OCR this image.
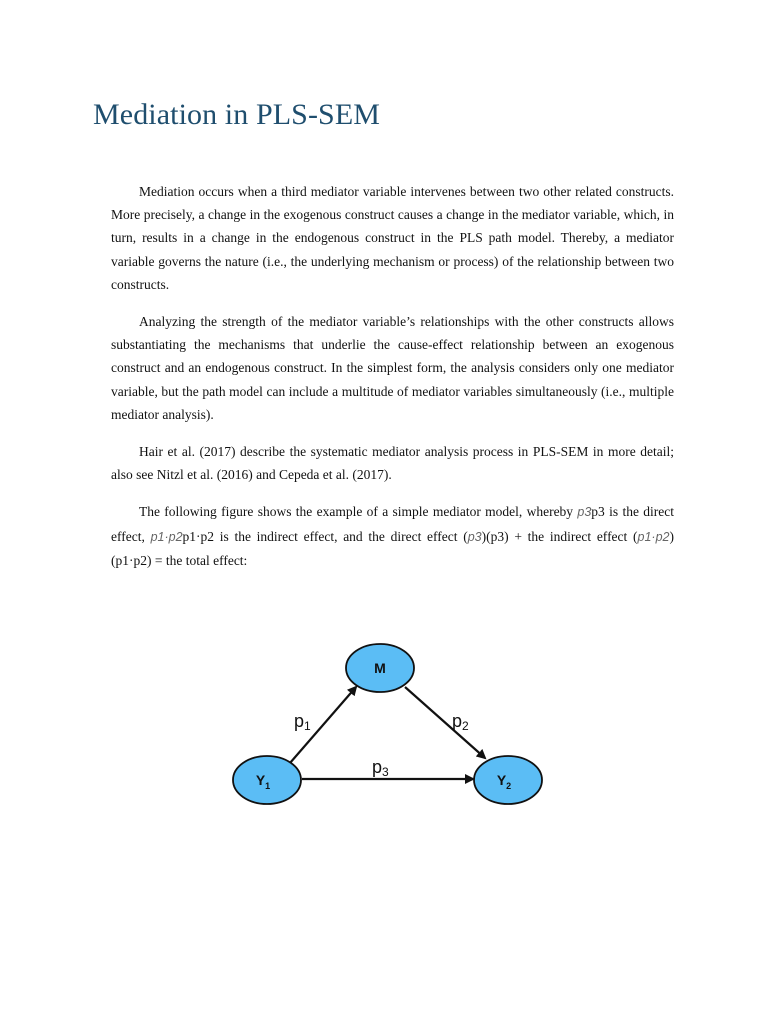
Mediation in PLS-SEM

Mediation occurs when a third mediator variable intervenes between two other related constructs. More precisely, a change in the exogenous construct causes a change in the mediator variable, which, in turn, results in a change in the endogenous construct in the PLS path model. Thereby, a mediator variable governs the nature (i.e., the underlying mechanism or process) of the relationship between two constructs.

Analyzing the strength of the mediator variable’s relationships with the other constructs allows substantiating the mechanisms that underlie the cause-effect relationship between an exogenous construct and an endogenous construct. In the simplest form, the analysis considers only one mediator variable, but the path model can include a multitude of mediator variables simultaneously (i.e., multiple mediator analysis).

Hair et al. (2017) describe the systematic mediator analysis process in PLS-SEM in more detail; also see Nitzl et al. (2016) and Cepeda et al. (2017).

The following figure shows the example of a simple mediator model, whereby p3p3 is the direct effect, p1·p2p1·p2 is the indirect effect, and the direct effect (p3)(p3) + the indirect effect (p1·p2)(p1·p2) = the total effect:

M
$Y_1$	$Y_2$
p1	p2
p3
